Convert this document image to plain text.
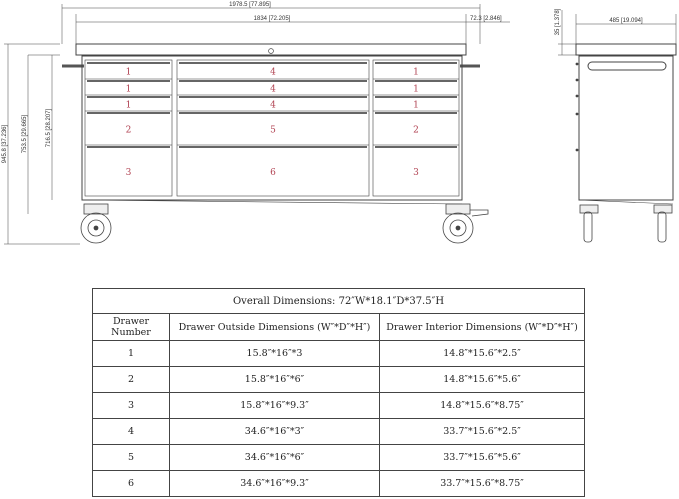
1978.5 [77.895]
1834 [72.205]	72.3 [2.846]
945.8 [37.236] 753.5 [29.665]	716.5 [28.207]
35 [1.378]	485 [19.094]
1
1
1
2
3
4
4
4
5
6
1
1
1
2
3
Overall Dimensions: 72″W*18.1″D*37.5″H		
Drawer Number	Drawer Outside Dimensions (W″*D″*H″)	Drawer Interior Dimensions (W″*D″*H″)
1	15.8″*16″*3	14.8″*15.6″*2.5″
2	15.8″*16″*6″	14.8″*15.6″*5.6″
3	15.8″*16″*9.3″	14.8″*15.6″*8.75″
4	34.6″*16″*3″	33.7″*15.6″*2.5″
5	34.6″*16″*6″	33.7″*15.6″*5.6″
6	34.6″*16″*9.3″	33.7″*15.6″*8.75″
